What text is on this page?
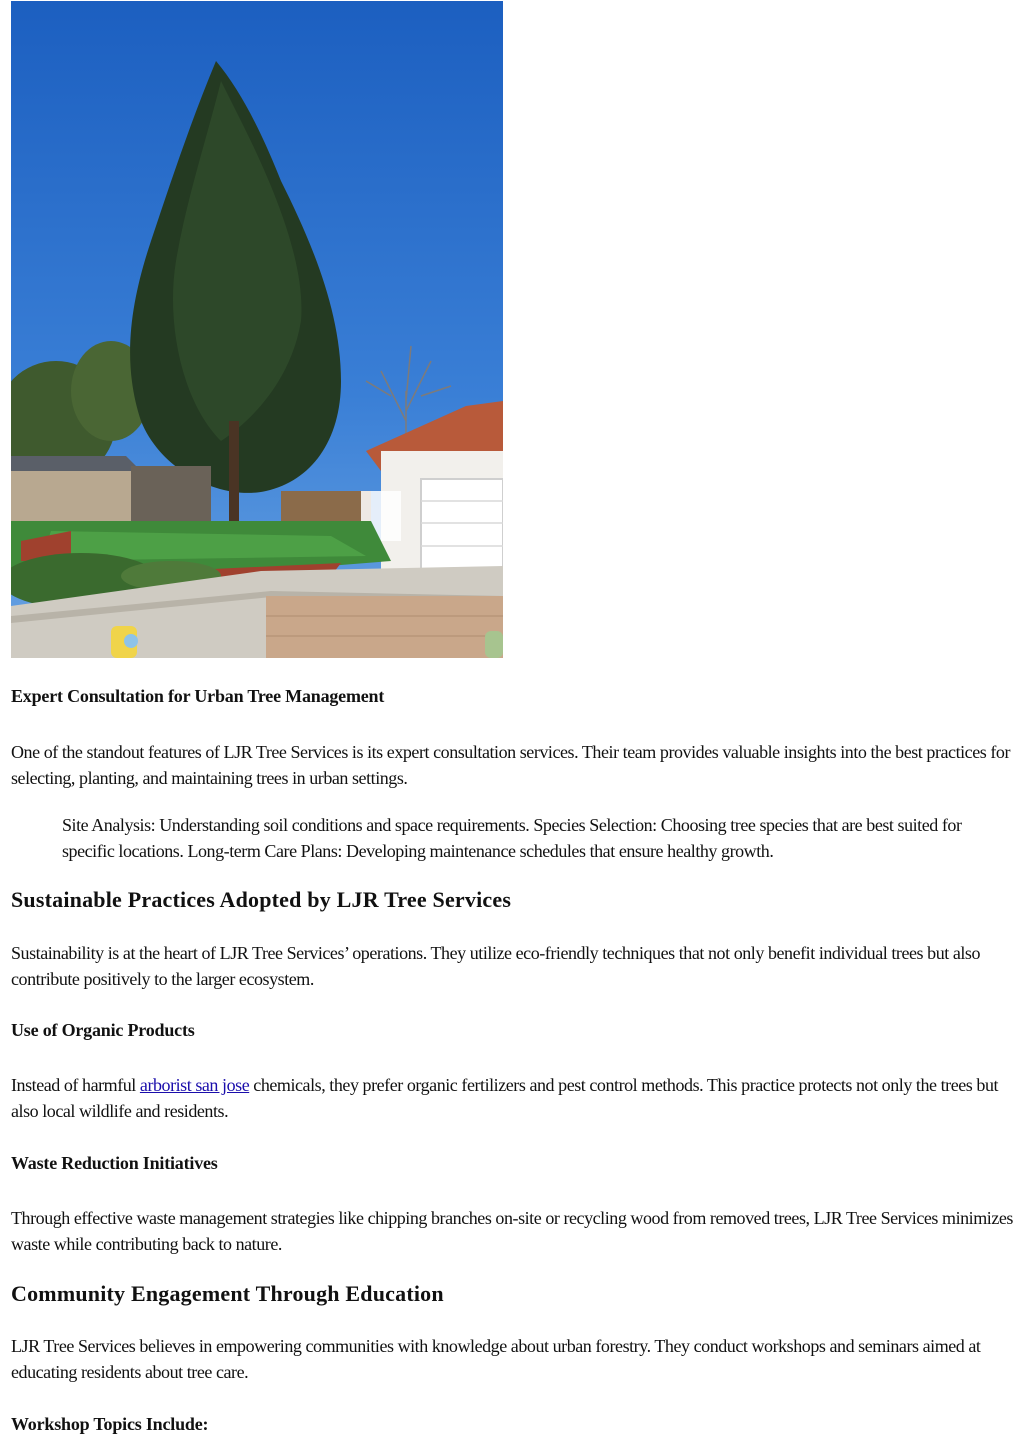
Expert Consultation for Urban Tree Management

One of the standout features of LJR Tree Services is its expert consultation services. Their team provides valuable insights into the best practices for selecting, planting, and maintaining trees in urban settings.

Site Analysis: Understanding soil conditions and space requirements. Species Selection: Choosing tree species that are best suited for specific locations. Long-term Care Plans: Developing maintenance schedules that ensure healthy growth.

Sustainable Practices Adopted by LJR Tree Services

Sustainability is at the heart of LJR Tree Services’ operations. They utilize eco-friendly techniques that not only benefit individual trees but also contribute positively to the larger ecosystem.

Use of Organic Products

Instead of harmful arborist san jose chemicals, they prefer organic fertilizers and pest control methods. This practice protects not only the trees but also local wildlife and residents.

Waste Reduction Initiatives

Through effective waste management strategies like chipping branches on-site or recycling wood from removed trees, LJR Tree Services minimizes waste while contributing back to nature.

Community Engagement Through Education

LJR Tree Services believes in empowering communities with knowledge about urban forestry. They conduct workshops and seminars aimed at educating residents about tree care.

Workshop Topics Include:
